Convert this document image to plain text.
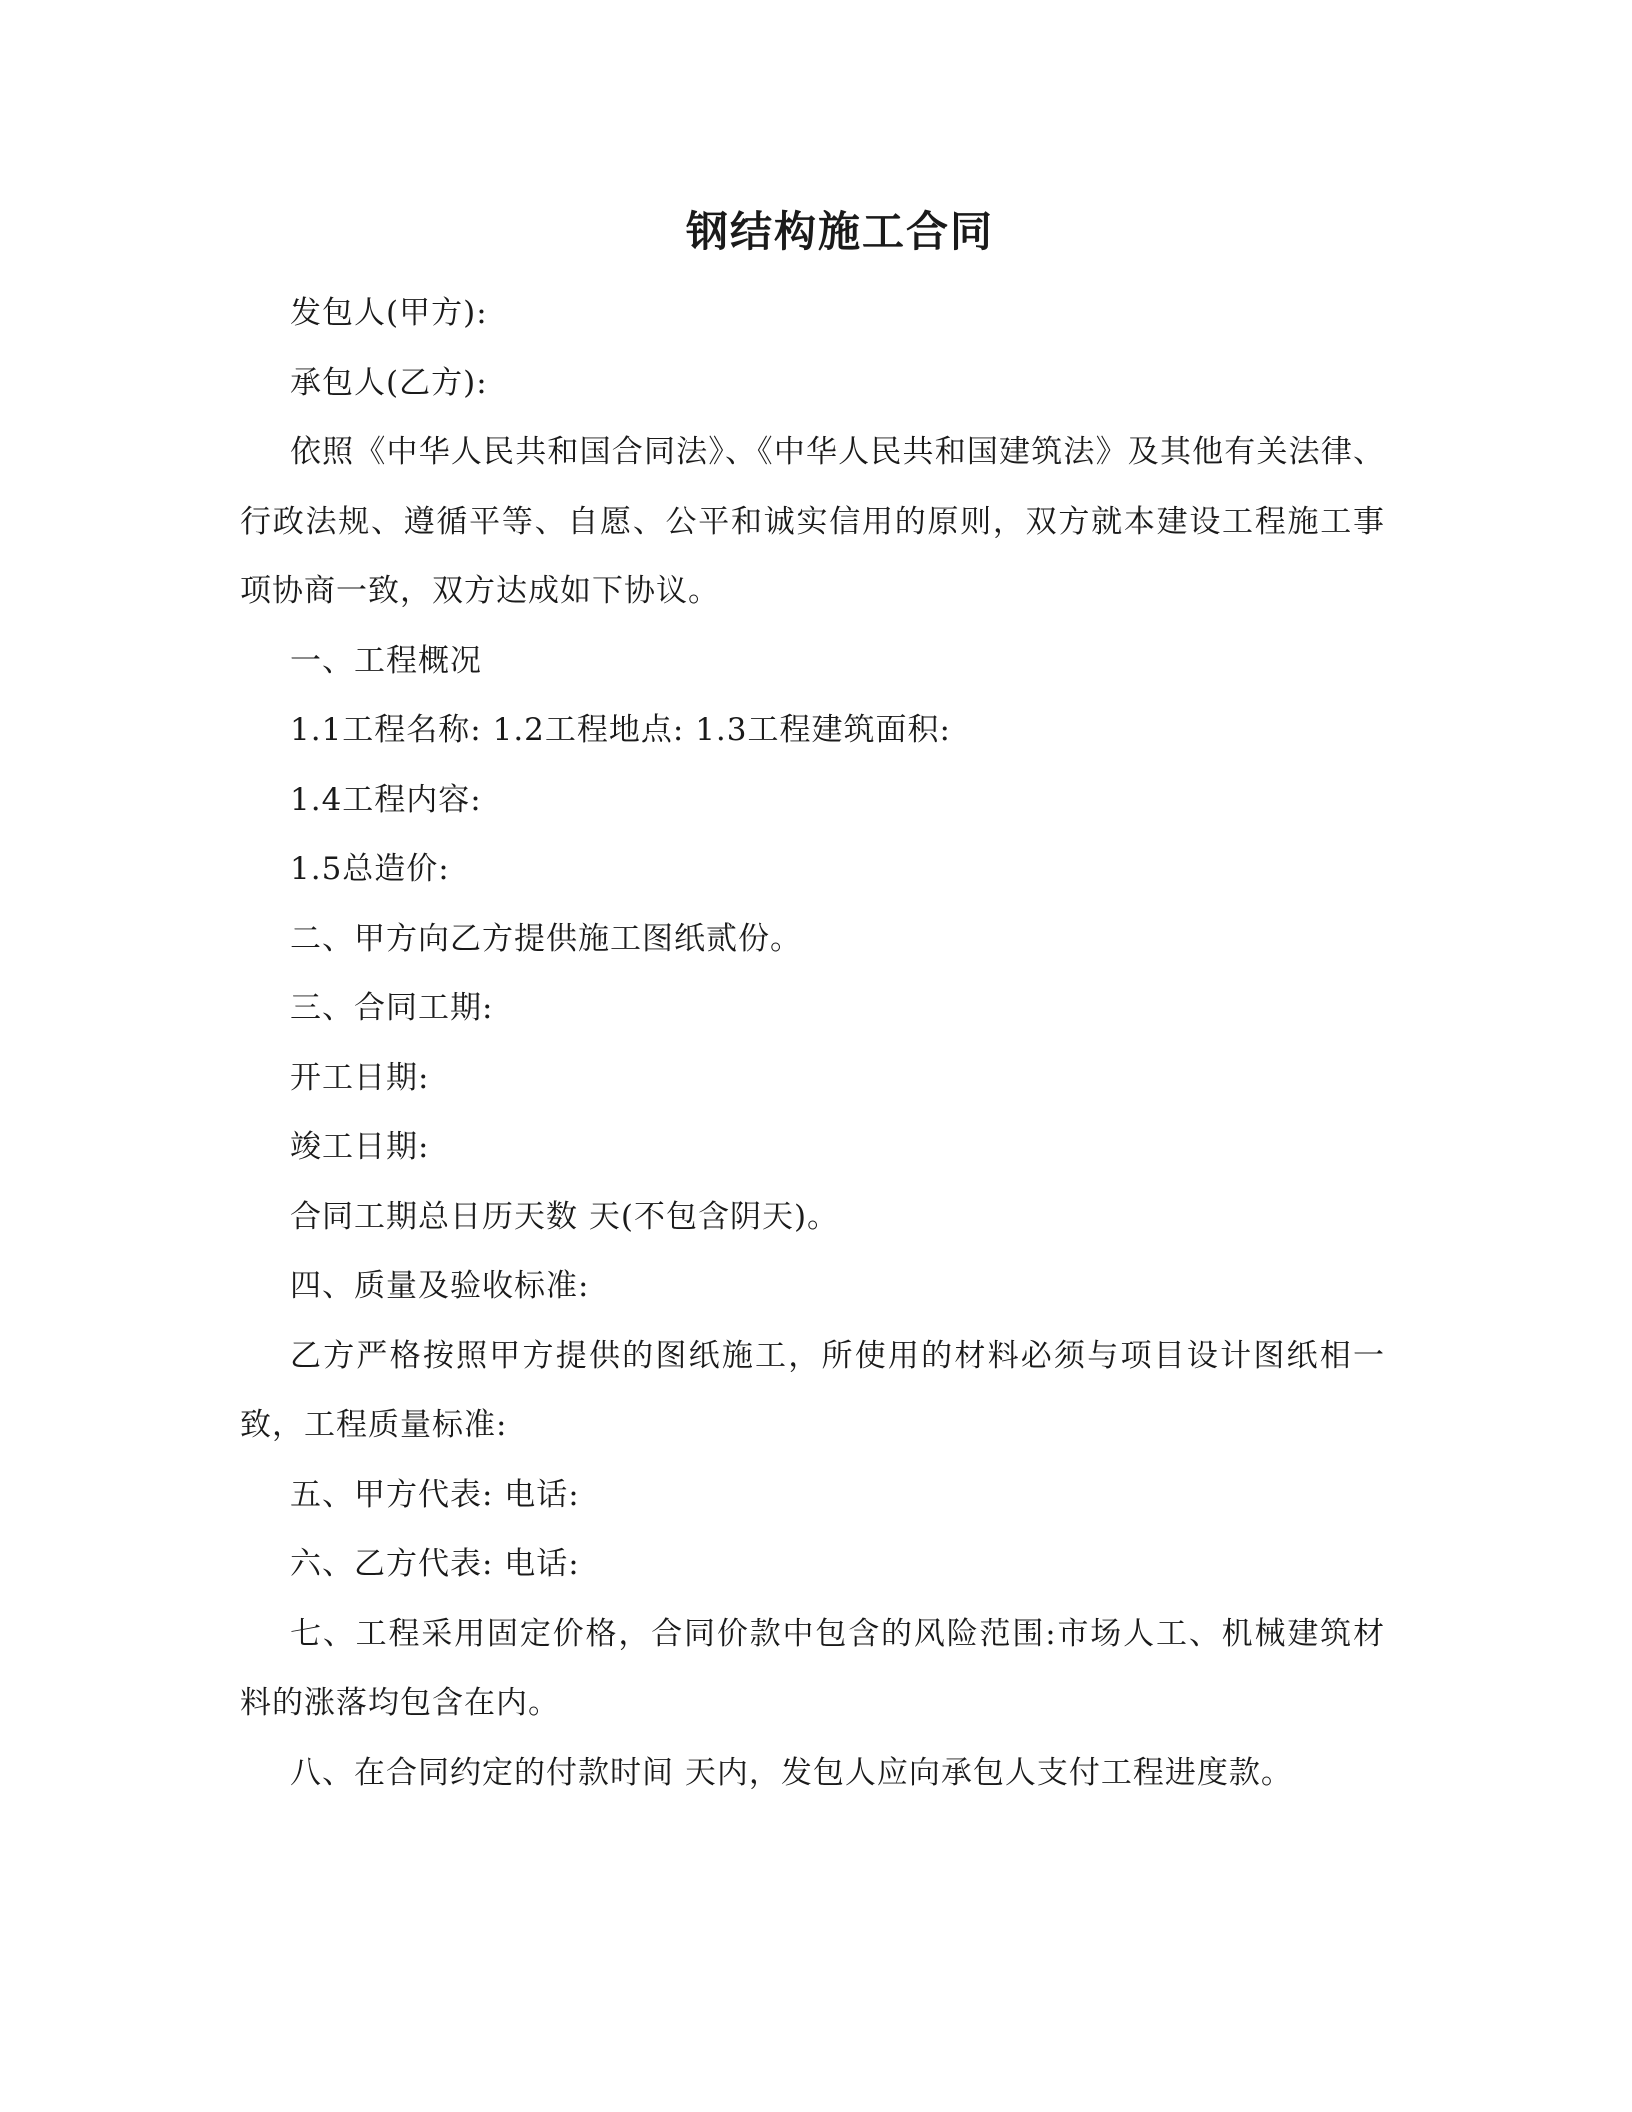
钢结构施工合同

发包人(甲方):

承包人(乙方):

依照《中华人民共和国合同法》、《中华人民共和国建筑法》及其他有关法律、行政法规、遵循平等、自愿、公平和诚实信用的原则，双方就本建设工程施工事项协商一致，双方达成如下协议。

一、工程概况

1.1工程名称: 1.2工程地点: 1.3工程建筑面积:

1.4工程内容:

1.5总造价:

二、甲方向乙方提供施工图纸贰份。

三、合同工期:

开工日期:

竣工日期:

合同工期总日历天数 天(不包含阴天)。

四、质量及验收标准:

乙方严格按照甲方提供的图纸施工，所使用的材料必须与项目设计图纸相一致，工程质量标准:

五、甲方代表: 电话:

六、乙方代表: 电话:

七、工程采用固定价格，合同价款中包含的风险范围:市场人工、机械建筑材料的涨落均包含在内。

八、在合同约定的付款时间 天内，发包人应向承包人支付工程进度款。
